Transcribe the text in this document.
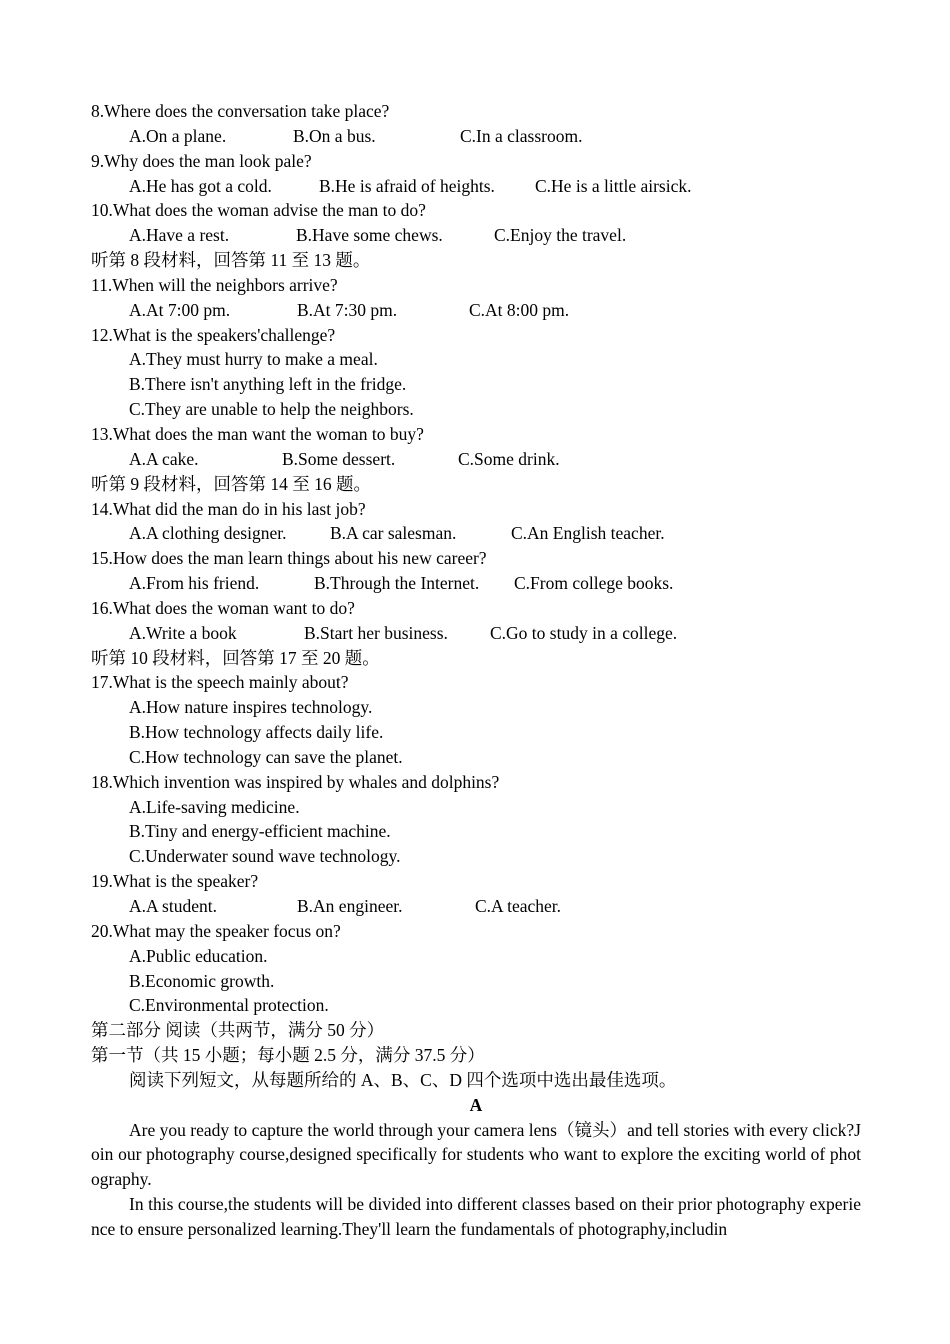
8.Where does the conversation take place?
A.On a plane.	B.On a bus.	C.In a classroom.
9.Why does the man look pale?
A.He has got a cold.	B.He is afraid of heights. C.He is a little airsick.
10.What does the woman advise the man to do?
A.Have a rest.	B.Have some chews.	C.Enjoy the travel.
听第 8 段材料，回答第 11 至 13 题。
11.When will the neighbors arrive?
A.At 7:00 pm.	B.At 7:30 pm.	C.At 8:00 pm.
12.What is the speakers'challenge?
A.They must hurry to make a meal.
B.There isn't anything left in the fridge.
C.They are unable to help the neighbors.
13.What does the man want the woman to buy?
A.A cake.	B.Some dessert.	C.Some drink.
听第 9 段材料，回答第 14 至 16 题。
14.What did the man do in his last job?
A.A clothing designer. B.A car salesman.	C.An English teacher.
15.How does the man learn things about his new career?
A.From his friend.	B.Through the Internet. C.From college books.
16.What does the woman want to do?
A.Write a book	B.Start her business. C.Go to study in a college.
听第 10 段材料，回答第 17 至 20 题。
17.What is the speech mainly about?
A.How nature inspires technology.
B.How technology affects daily life.
C.How technology can save the planet.
18.Which invention was inspired by whales and dolphins?
A.Life-saving medicine.
B.Tiny and energy-efficient machine.
C.Underwater sound wave technology.
19.What is the speaker?
A.A student.	B.An engineer.	C.A teacher.
20.What may the speaker focus on?
A.Public education.
B.Economic growth.
C.Environmental protection.
第二部分 阅读（共两节，满分 50 分）
第一节（共 15 小题；每小题 2.5 分，满分 37.5 分）
阅读下列短文，从每题所给的 A、B、C、D 四个选项中选出最佳选项。
A
Are you ready to capture the world through your camera lens（镜头）and tell stories with every click?Join our photography course,designed specifically for students who want to explore the exciting world of photography.
In this course,the students will be divided into different classes based on their prior photography experience to ensure personalized learning.They'll learn the fundamentals of photography,includin
